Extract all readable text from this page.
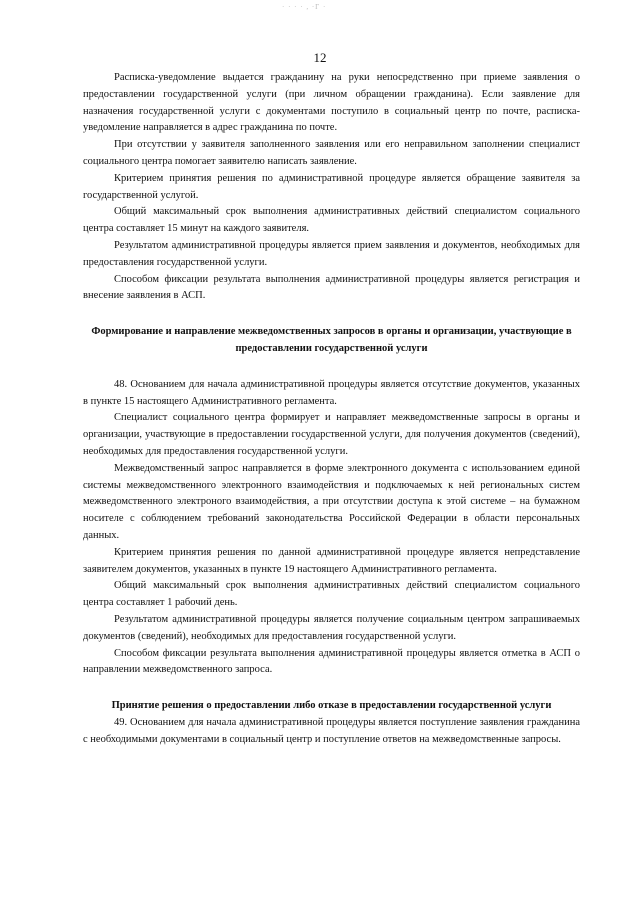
· · · · , ·Г ·
12

Расписка-уведомление выдается гражданину на руки непосредственно при приеме заявления о предоставлении государственной услуги (при личном обращении гражданина). Если заявление для назначения государственной услуги с документами поступило в социальный центр по почте, расписка-уведомление направляется в адрес гражданина по почте.

При отсутствии у заявителя заполненного заявления или его неправильном заполнении специалист социального центра помогает заявителю написать заявление.

Критерием принятия решения по административной процедуре является обращение заявителя за государственной услугой.

Общий максимальный срок выполнения административных действий специалистом социального центра составляет 15 минут на каждого заявителя.

Результатом административной процедуры является прием заявления и документов, необходимых для предоставления государственной услуги.

Способом фиксации результата выполнения административной процедуры является регистрация и внесение заявления в АСП.

Формирование и направление межведомственных запросов в органы и организации, участвующие в предоставлении государственной услуги

48. Основанием для начала административной процедуры является отсутствие документов, указанных в пункте 15 настоящего Административного регламента.

Специалист социального центра формирует и направляет межведомственные запросы в органы и организации, участвующие в предоставлении государственной услуги, для получения документов (сведений), необходимых для предоставления государственной услуги.

Межведомственный запрос направляется в форме электронного документа с использованием единой системы межведомственного электронного взаимодействия и подключаемых к ней региональных систем межведомственного электроного взаимодействия, а при отсутствии доступа к этой системе – на бумажном носителе с соблюдением требований законодательства Российской Федерации в области персональных данных.

Критерием принятия решения по данной административной процедуре является непредставление заявителем документов, указанных в пункте 19 настоящего Административного регламента.

Общий максимальный срок выполнения административных действий специалистом социального центра составляет 1 рабочий день.

Результатом административной процедуры является получение социальным центром запрашиваемых документов (сведений), необходимых для предоставления государственной услуги.

Способом фиксации результата выполнения административной процедуры является отметка в АСП о направлении межведомственного запроса.

Принятие решения о предоставлении либо отказе в предоставлении государственной услуги

49. Основанием для начала административной процедуры является поступление заявления гражданина с необходимыми документами в социальный центр и поступление ответов на межведомственные запросы.
